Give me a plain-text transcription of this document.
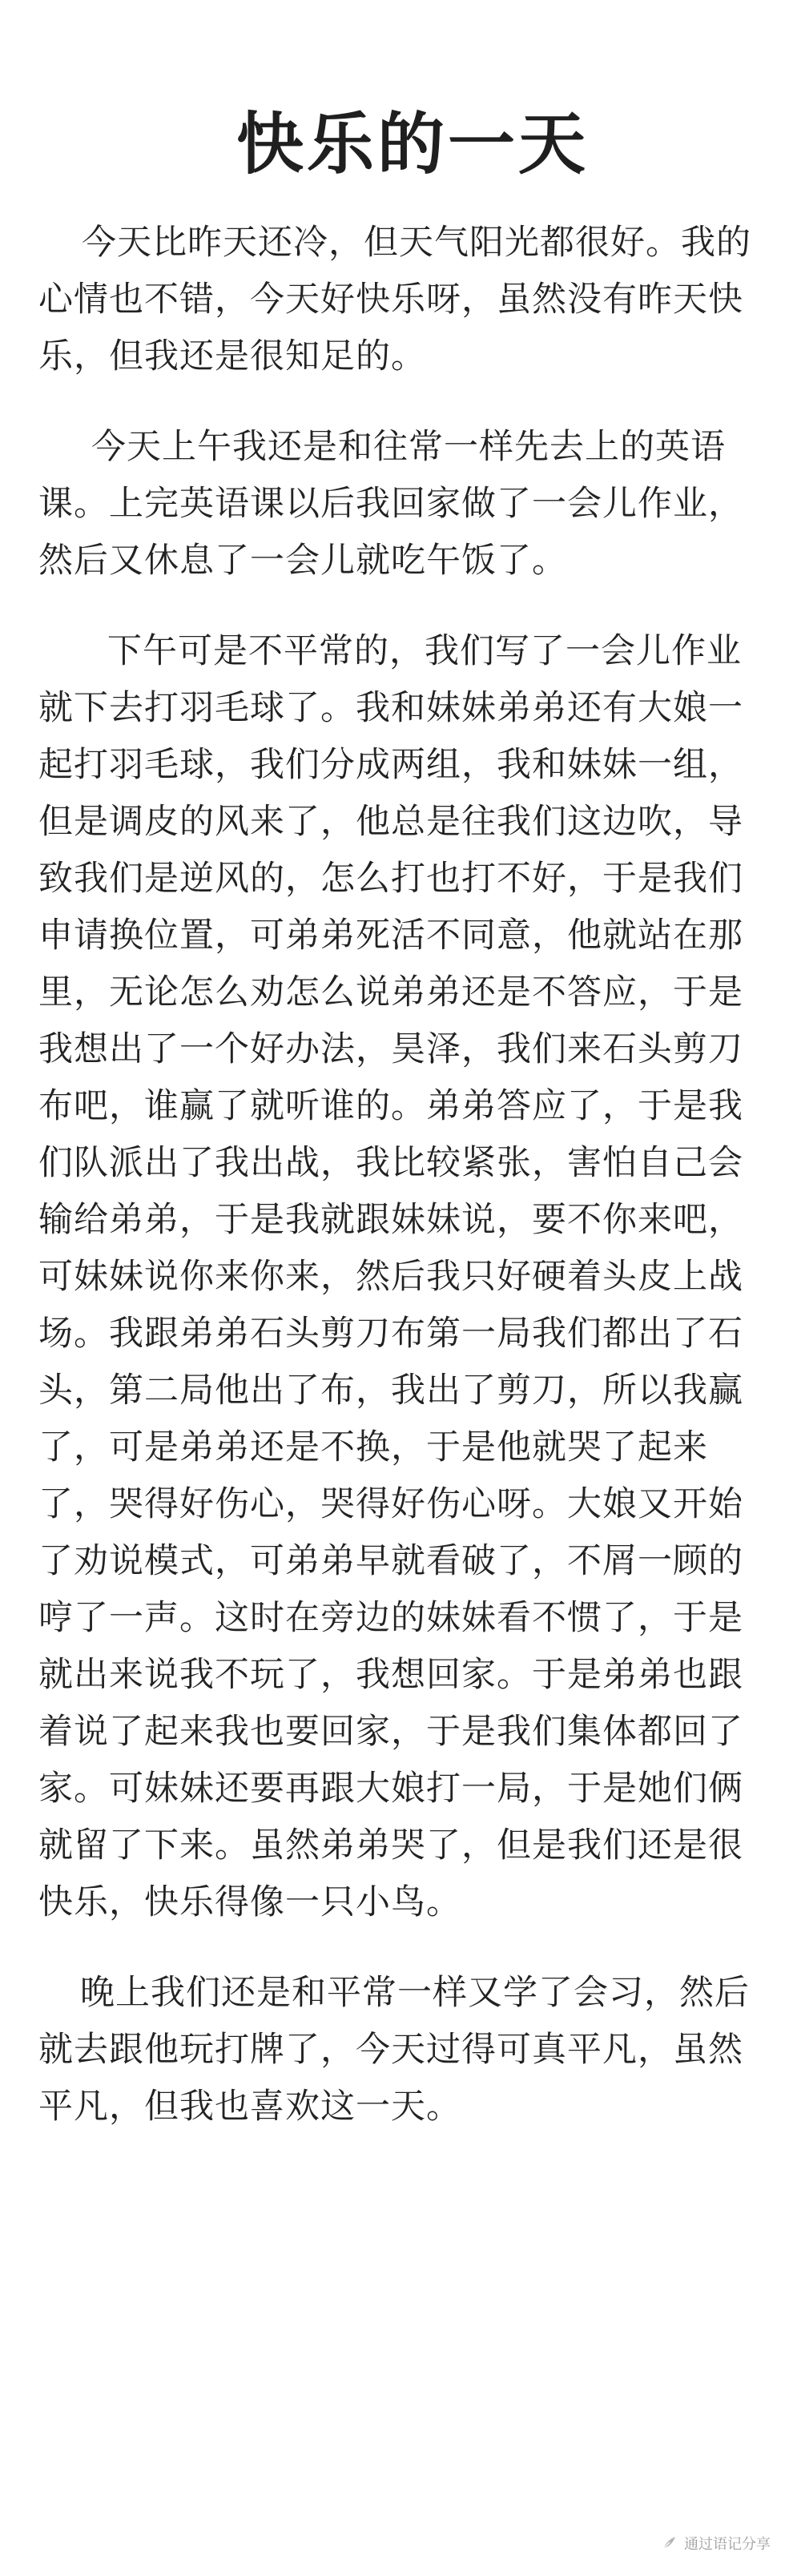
快乐的一天

今天比昨天还冷，但天气阳光都很好。我的心情也不错，今天好快乐呀，虽然没有昨天快乐，但我还是很知足的。

今天上午我还是和往常一样先去上的英语课。上完英语课以后我回家做了一会儿作业，然后又休息了一会儿就吃午饭了。

下午可是不平常的，我们写了一会儿作业就下去打羽毛球了。我和妹妹弟弟还有大娘一起打羽毛球，我们分成两组，我和妹妹一组，但是调皮的风来了，他总是往我们这边吹，导致我们是逆风的，怎么打也打不好，于是我们申请换位置，可弟弟死活不同意，他就站在那里，无论怎么劝怎么说弟弟还是不答应，于是我想出了一个好办法，昊泽，我们来石头剪刀布吧，谁赢了就听谁的。弟弟答应了，于是我们队派出了我出战，我比较紧张，害怕自己会输给弟弟，于是我就跟妹妹说，要不你来吧，可妹妹说你来你来，然后我只好硬着头皮上战场。我跟弟弟石头剪刀布第一局我们都出了石头，第二局他出了布，我出了剪刀，所以我赢了，可是弟弟还是不换，于是他就哭了起来了，哭得好伤心，哭得好伤心呀。大娘又开始了劝说模式，可弟弟早就看破了，不屑一顾的哼了一声。这时在旁边的妹妹看不惯了，于是就出来说我不玩了，我想回家。于是弟弟也跟着说了起来我也要回家，于是我们集体都回了家。可妹妹还要再跟大娘打一局，于是她们俩就留了下来。虽然弟弟哭了，但是我们还是很快乐，快乐得像一只小鸟。

晚上我们还是和平常一样又学了会习，然后就去跟他玩打牌了，今天过得可真平凡，虽然平凡，但我也喜欢这一天。

通过语记分享
